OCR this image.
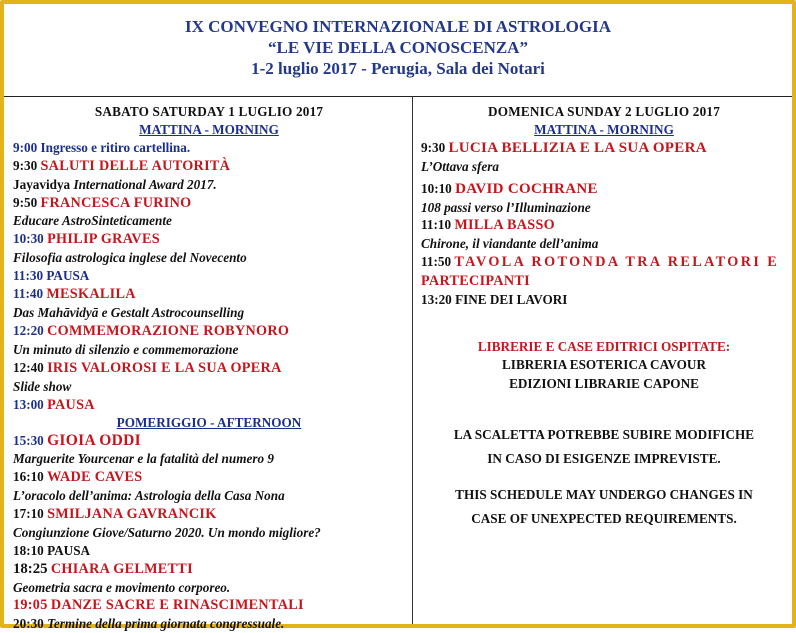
IX CONVEGNO INTERNAZIONALE DI ASTROLOGIA
“LE VIE DELLA CONOSCENZA”
1-2 luglio 2017 - Perugia, Sala dei Notari
SABATO SATURDAY 1 LUGLIO 2017
MATTINA - MORNING
9:00 Ingresso e ritiro cartellina.
9:30 SALUTI DELLE AUTORITÀ
Jayavidya International Award 2017.
9:50 FRANCESCA FURINO
Educare AstroSinteticamente
10:30 PHILIP GRAVES
Filosofia astrologica inglese del Novecento
11:30 PAUSA
11:40 MESKALILA
Das Mahāvidyā e Gestalt Astrocounselling
12:20 COMMEMORAZIONE ROBYNORO
Un minuto di silenzio e commemorazione
12:40 IRIS VALOROSI E LA SUA OPERA
Slide show
13:00 PAUSA
POMERIGGIO - AFTERNOON
15:30 GIOIA ODDI
Marguerite Yourcenar e la fatalità del numero 9
16:10 WADE CAVES
L’oracolo dell’anima: Astrologia della Casa Nona
17:10 SMILJANA GAVRANCIK
Congiunzione Giove/Saturno 2020. Un mondo migliore?
18:10 PAUSA
18:25 CHIARA GELMETTI
Geometria sacra e movimento corporeo.
19:05 DANZE SACRE E RINASCIMENTALI
20:30 Termine della prima giornata congressuale.
DOMENICA SUNDAY 2 LUGLIO 2017
MATTINA - MORNING
9:30 LUCIA BELLIZIA E LA SUA OPERA
L’Ottava sfera
10:10 DAVID COCHRANE
108 passi verso l’Illuminazione
11:10 MILLA BASSO
Chirone, il viandante dell’anima
11:50 TAVOLA ROTONDA TRA RELATORI E
PARTECIPANTI
13:20 FINE DEI LAVORI
LIBRERIE E CASE EDITRICI OSPITATE:
LIBRERIA ESOTERICA CAVOUR
EDIZIONI LIBRARIE CAPONE
LA SCALETTA POTREBBE SUBIRE MODIFICHE
IN CASO DI ESIGENZE IMPREVISTE.
THIS SCHEDULE MAY UNDERGO CHANGES IN
CASE OF UNEXPECTED REQUIREMENTS.
